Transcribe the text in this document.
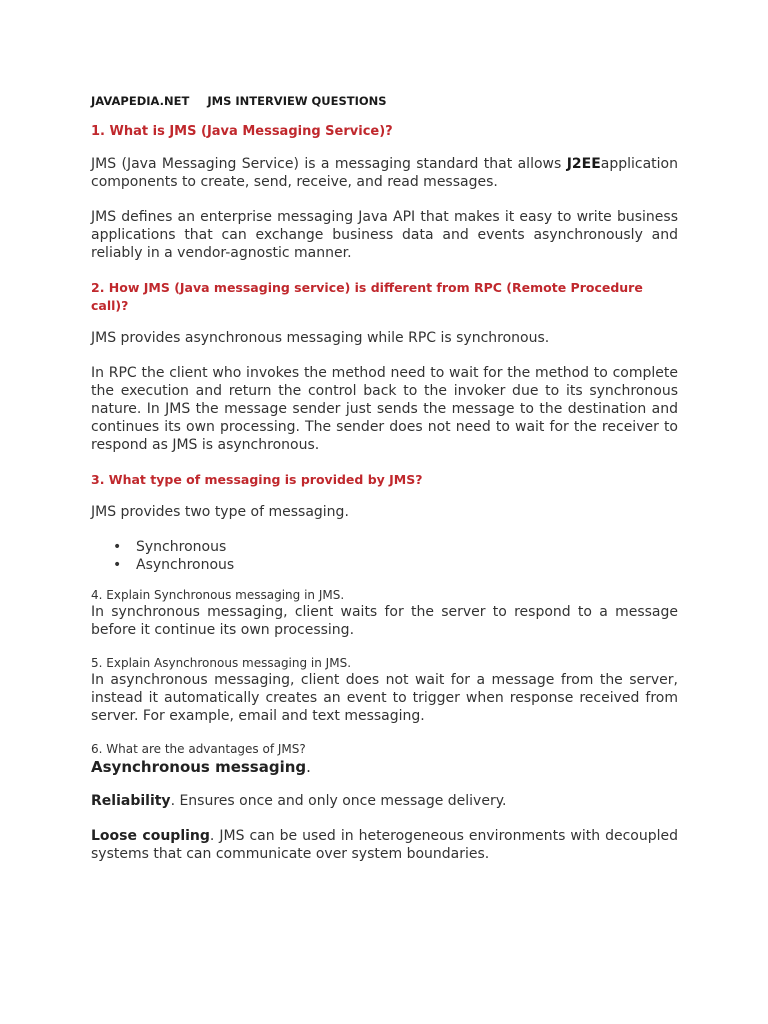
JAVAPEDIA.NET JMS INTERVIEW QUESTIONS
1. What is JMS (Java Messaging Service)?

JMS (Java Messaging Service) is a messaging standard that allows J2EEapplication components to create, send, receive, and read messages.

JMS defines an enterprise messaging Java API that makes it easy to write business applications that can exchange business data and events asynchronously and reliably in a vendor-agnostic manner.

2. How JMS (Java messaging service) is different from RPC (Remote Procedure call)?

JMS provides asynchronous messaging while RPC is synchronous.

In RPC the client who invokes the method need to wait for the method to complete the execution and return the control back to the invoker due to its synchronous nature. In JMS the message sender just sends the message to the destination and continues its own processing. The sender does not need to wait for the receiver to respond as JMS is asynchronous.

3. What type of messaging is provided by JMS?

JMS provides two type of messaging.

• Synchronous
• Asynchronous
4. Explain Synchronous messaging in JMS.

In synchronous messaging, client waits for the server to respond to a message before it continue its own processing.

5. Explain Asynchronous messaging in JMS.

In asynchronous messaging, client does not wait for a message from the server, instead it automatically creates an event to trigger when response received from server. For example, email and text messaging.

6. What are the advantages of JMS?
Asynchronous messaging.

Reliability. Ensures once and only once message delivery.

Loose coupling. JMS can be used in heterogeneous environments with decoupled systems that can communicate over system boundaries.
